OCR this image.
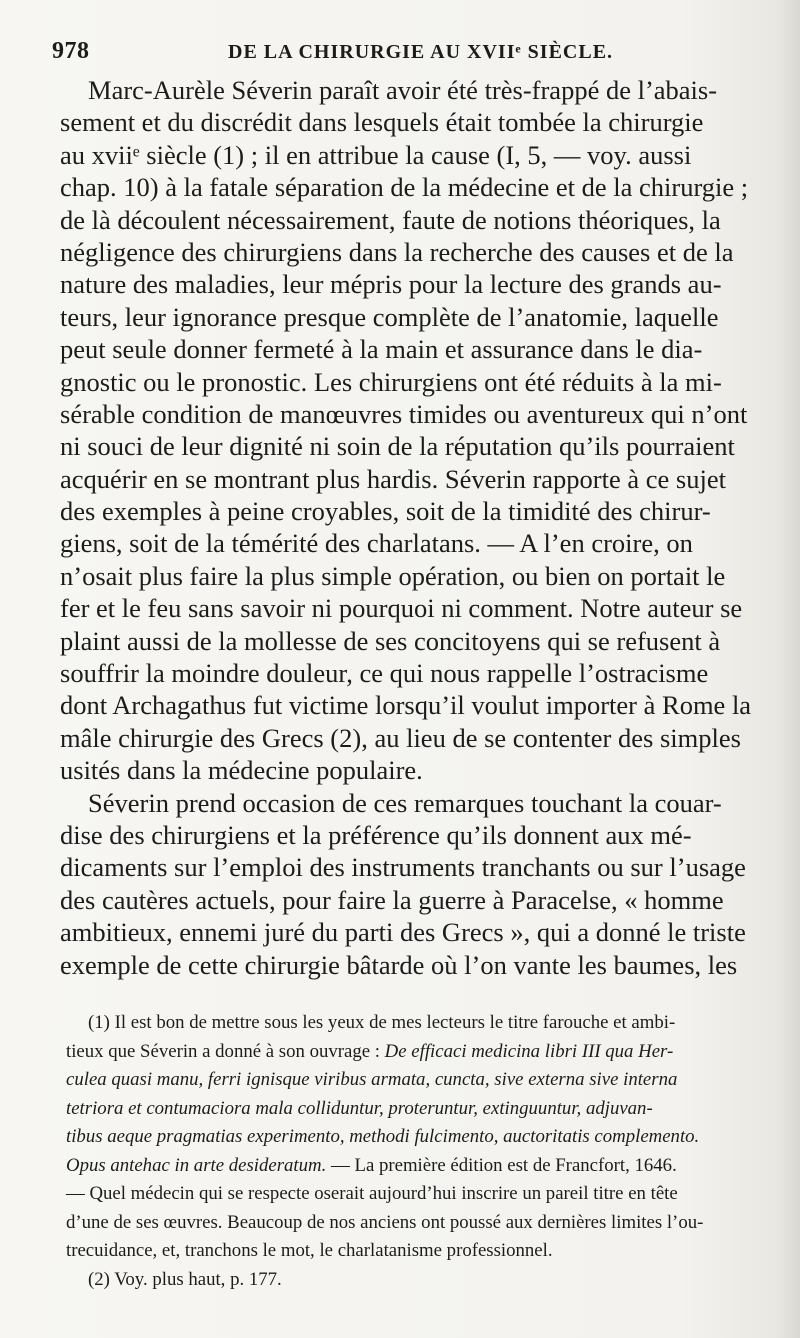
978	DE LA CHIRURGIE AU XVIIᵉ SIÈCLE.
Marc-Aurèle Séverin paraît avoir été très-frappé de l’abais-
sement et du discrédit dans lesquels était tombée la chirurgie
au xviiᵉ siècle (1) ; il en attribue la cause (I, 5, — voy. aussi
chap. 10) à la fatale séparation de la médecine et de la chirurgie ;
de là découlent nécessairement, faute de notions théoriques, la
négligence des chirurgiens dans la recherche des causes et de la
nature des maladies, leur mépris pour la lecture des grands au-
teurs, leur ignorance presque complète de l’anatomie, laquelle
peut seule donner fermeté à la main et assurance dans le dia-
gnostic ou le pronostic. Les chirurgiens ont été réduits à la mi-
sérable condition de manœuvres timides ou aventureux qui n’ont
ni souci de leur dignité ni soin de la réputation qu’ils pourraient
acquérir en se montrant plus hardis. Séverin rapporte à ce sujet
des exemples à peine croyables, soit de la timidité des chirur-
giens, soit de la témérité des charlatans. — A l’en croire, on
n’osait plus faire la plus simple opération, ou bien on portait le
fer et le feu sans savoir ni pourquoi ni comment. Notre auteur se
plaint aussi de la mollesse de ses concitoyens qui se refusent à
souffrir la moindre douleur, ce qui nous rappelle l’ostracisme
dont Archagathus fut victime lorsqu’il voulut importer à Rome la
mâle chirurgie des Grecs (2), au lieu de se contenter des simples
usités dans la médecine populaire.
Séverin prend occasion de ces remarques touchant la couar-
dise des chirurgiens et la préférence qu’ils donnent aux mé-
dicaments sur l’emploi des instruments tranchants ou sur l’usage
des cautères actuels, pour faire la guerre à Paracelse, « homme
ambitieux, ennemi juré du parti des Grecs », qui a donné le triste
exemple de cette chirurgie bâtarde où l’on vante les baumes, les
(1) Il est bon de mettre sous les yeux de mes lecteurs le titre farouche et ambi-
tieux que Séverin a donné à son ouvrage : De efficaci medicina libri III qua Her-
culea quasi manu, ferri ignisque viribus armata, cuncta, sive externa sive interna
tetriora et contumaciora mala colliduntur, proteruntur, extinguuntur, adjuvan-
tibus aeque pragmatias experimento, methodi fulcimento, auctoritatis complemento.
Opus antehac in arte desideratum. — La première édition est de Francfort, 1646.
— Quel médecin qui se respecte oserait aujourd’hui inscrire un pareil titre en tête
d’une de ses œuvres. Beaucoup de nos anciens ont poussé aux dernières limites l’ou-
trecuidance, et, tranchons le mot, le charlatanisme professionnel.
(2) Voy. plus haut, p. 177.
